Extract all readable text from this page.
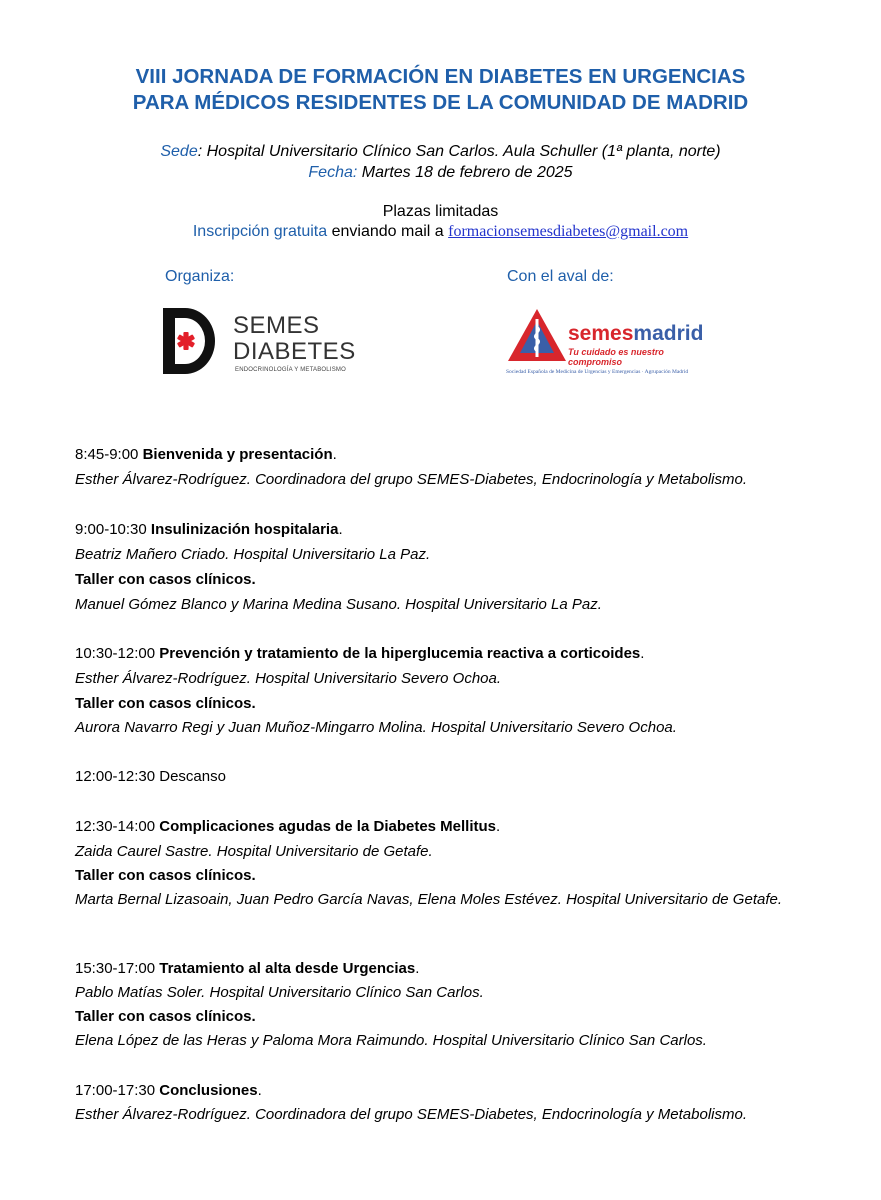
VIII JORNADA DE FORMACIÓN EN DIABETES EN URGENCIAS
PARA MÉDICOS RESIDENTES DE LA COMUNIDAD DE MADRID
Sede: Hospital Universitario Clínico San Carlos. Aula Schuller (1ª planta, norte)
Fecha: Martes 18 de febrero de 2025
Plazas limitadas
Inscripción gratuita enviando mail a formacionsemesdiabetes@gmail.com
Organiza:	Con el aval de:
SEMES
DIABETES
ENDOCRINOLOGÍA Y METABOLISMO
semesmadrid
Tu cuidado es nuestro compromiso
Sociedad Española de Medicina de Urgencias y Emergencias · Agrupación Madrid
8:45-9:00 Bienvenida y presentación.
Esther Álvarez-Rodríguez. Coordinadora del grupo SEMES-Diabetes, Endocrinología y Metabolismo.
9:00-10:30 Insulinización hospitalaria.
Beatriz Mañero Criado. Hospital Universitario La Paz.
Taller con casos clínicos.
Manuel Gómez Blanco y Marina Medina Susano. Hospital Universitario La Paz.
10:30-12:00 Prevención y tratamiento de la hiperglucemia reactiva a corticoides.
Esther Álvarez-Rodríguez. Hospital Universitario Severo Ochoa.
Taller con casos clínicos.
Aurora Navarro Regi y Juan Muñoz-Mingarro Molina. Hospital Universitario Severo Ochoa.
12:00-12:30 Descanso
12:30-14:00 Complicaciones agudas de la Diabetes Mellitus.
Zaida Caurel Sastre. Hospital Universitario de Getafe.
Taller con casos clínicos.
Marta Bernal Lizasoain, Juan Pedro García Navas, Elena Moles Estévez. Hospital Universitario de Getafe.
15:30-17:00 Tratamiento al alta desde Urgencias.
Pablo Matías Soler. Hospital Universitario Clínico San Carlos.
Taller con casos clínicos.
Elena López de las Heras y Paloma Mora Raimundo. Hospital Universitario Clínico San Carlos.
17:00-17:30 Conclusiones.
Esther Álvarez-Rodríguez. Coordinadora del grupo SEMES-Diabetes, Endocrinología y Metabolismo.
